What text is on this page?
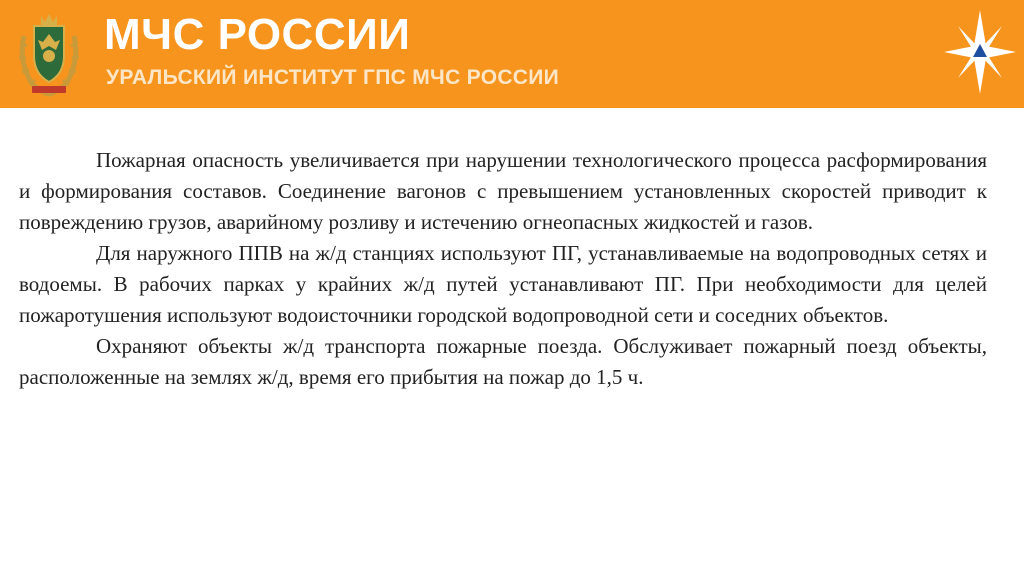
МЧС РОССИИ
УРАЛЬСКИЙ ИНСТИТУТ ГПС МЧС РОССИИ

Пожарная опасность увеличивается при нарушении технологического процесса расформирования и формирования составов. Соединение вагонов с превышением установленных скоростей приводит к повреждению грузов, аварийному розливу и истечению огнеопасных жидкостей и газов.

Для наружного ППВ на ж/д станциях используют ПГ, устанавливаемые на водопроводных сетях и водоемы. В рабочих парках у крайних ж/д путей устанавливают ПГ. При необходимости для целей пожаротушения используют водоисточники городской водопроводной сети и соседних объектов.

Охраняют объекты ж/д транспорта пожарные поезда. Обслуживает пожарный поезд объекты, расположенные на землях ж/д, время его прибытия на пожар до 1,5 ч.
